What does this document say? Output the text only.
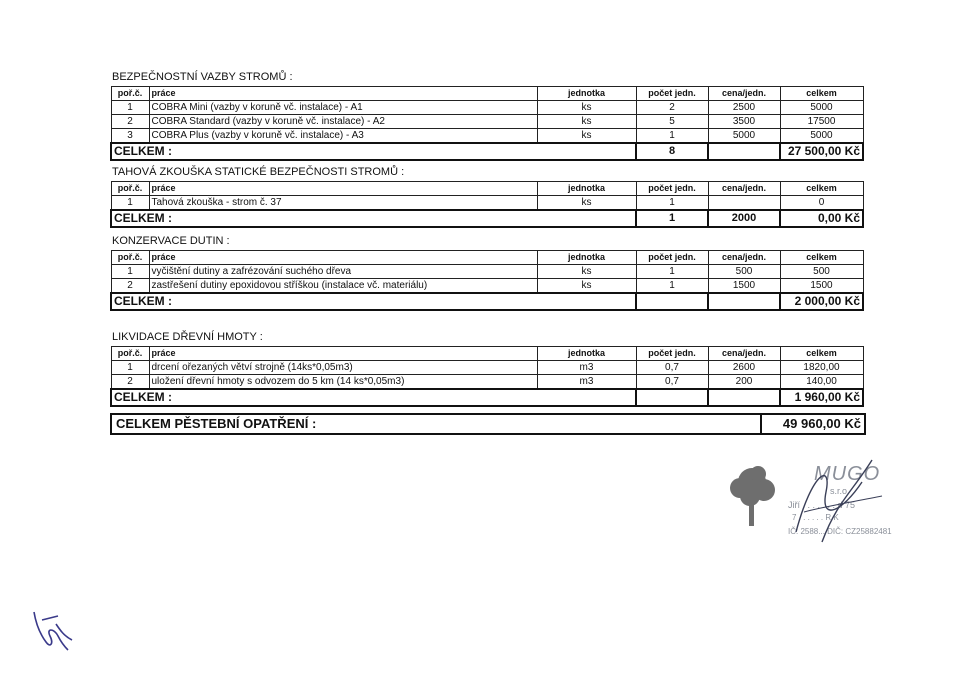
BEZPEČNOSTNÍ VAZBY STROMŮ :
poř.č.	práce	jednotka	počet jedn.	cena/jedn.	celkem
1	COBRA Mini (vazby v koruně vč. instalace) - A1	ks	2	2500	5000
2	COBRA Standard (vazby v koruně vč. instalace) - A2	ks	5	3500	17500
3	COBRA Plus (vazby v koruně vč. instalace) - A3	ks	1	5000	5000
CELKEM :			8		27 500,00 Kč
TAHOVÁ ZKOUŠKA STATICKÉ BEZPEČNOSTI STROMŮ :
poř.č.	práce	jednotka	počet jedn.	cena/jedn.	celkem
1	Tahová zkouška - strom č. 37	ks	1		0
CELKEM :			1	2000	0,00 Kč
KONZERVACE DUTIN :
poř.č.	práce	jednotka	počet jedn.	cena/jedn.	celkem
1	vyčištění dutiny a zafrézování suchého dřeva	ks	1	500	500
2	zastřešení dutiny epoxidovou stříškou (instalace vč. materiálu)	ks	1	1500	1500
CELKEM :					2 000,00 Kč
LIKVIDACE DŘEVNÍ HMOTY :
poř.č.	práce	jednotka	počet jedn.	cena/jedn.	celkem
1	drcení ořezaných větví strojně (14ks*0,05m3)	m3	0,7	2600	1820,00
2	uložení dřevní hmoty s odvozem do 5 km (14 ks*0,05m3)	m3	0,7	200	140,00
CELKEM :					1 960,00 Kč
CELKEM PĚSTEBNÍ OPATŘENÍ :	49 960,00 Kč
MUGO
s.r.o.
Jiří . . . . . . . d 75
7 . . . . . . R K
IČ: 2588... DIČ: CZ25882481
